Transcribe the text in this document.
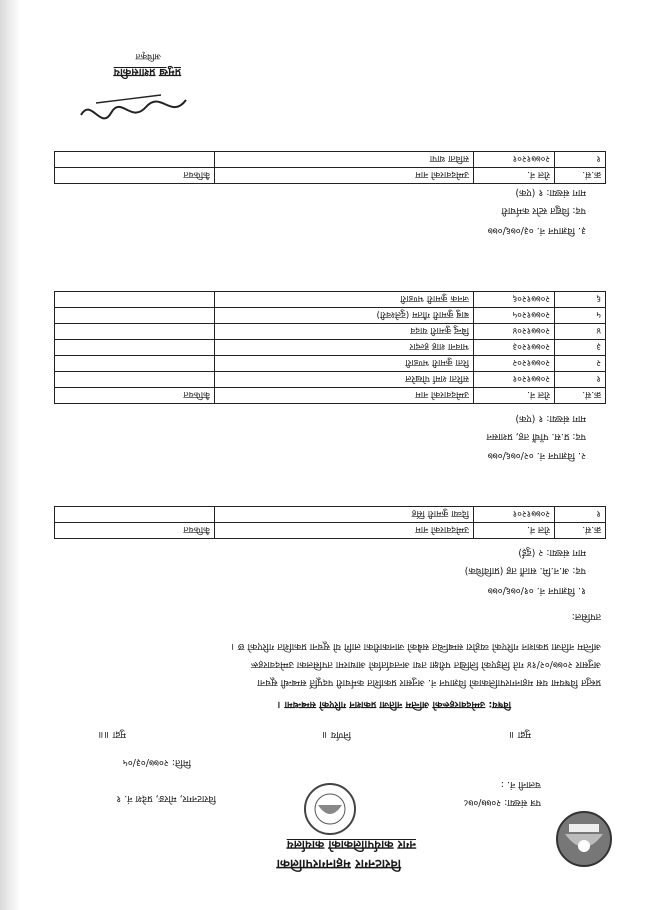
विराटनगर महानगरपालिका
नगर कार्यपालिकाको कार्यालय
विराटनगर, मोरङ, प्रदेश नं. १	पत्र संख्या: २०७७/०७८
चलानी नं. :
मिति: २०७७/०३/०५
मुद्रा ॥
निर्णय ॥
मुद्रा ॥॥
विषय: उम्मेदवारहरूको अन्तिम नतिजा प्रकाशन गरिएको सम्बन्धमा ।
प्रस्तुत विषयमा यस महानगरपालिकाको विज्ञापन नं. अनुसार प्रकाशित कर्मचारी पदपूर्ति सम्बन्धी सूचना
अनुसार २०७७/०२/१४ गते लिइएको लिखित परीक्षा तथा अन्तर्वार्ताको आधारमा तपसिलका उम्मेदवारहरू
अन्तिम नतिजा प्रकाशन गरिएको व्यहोरा सम्बन्धित सबैको जानकारीका लागि यो सूचना प्रकाशित गरिएको छ ।
तपसिल:
१. विज्ञापन नं. ०१/०७६/०७७
पद: अ.न.मि. सातौं तह (प्राविधिक)
माग संख्या: २ (दुई)
क्र.सं.	रोल नं.	उम्मेदवारको नाम	कैफियत
१	२०७७१२०१	दिव्या कुमारी सिंह	
२. विज्ञापन नं. ०२/०७६/०७७
पद: प्र.स. पाँचौं तह, प्रशासन
माग संख्या: १ (एक)
क्र.सं.	रोल नं.	उम्मेदवारको नाम	कैफियत
१	२०७७१२०१	सरिता शर्मा पोखरेल	
२	२०७७१२०२	रिता कुमारी भण्डारी	
३	२०७७१२०३	भावना शाह हल्दार	
४	२०७७१२०४	बिन्दु कुमारी यादव	
५	२०७७१२०५	बाबु कुमारी गौतम (दुलेश्वरी)	
६	२०७७१२०६	जनक कुमारी भण्डारी	
३. विज्ञापन नं. ०३/०७६/०७७
पद: विद्युत स्टोर कर्मचारी
माग संख्या: १ (एक)
क्र.सं.	रोल नं.	उम्मेदवारको नाम	कैफियत
१	२०७७१२०१	सविता थापा	
प्रमुख प्रशासकीय
अधिकृत
